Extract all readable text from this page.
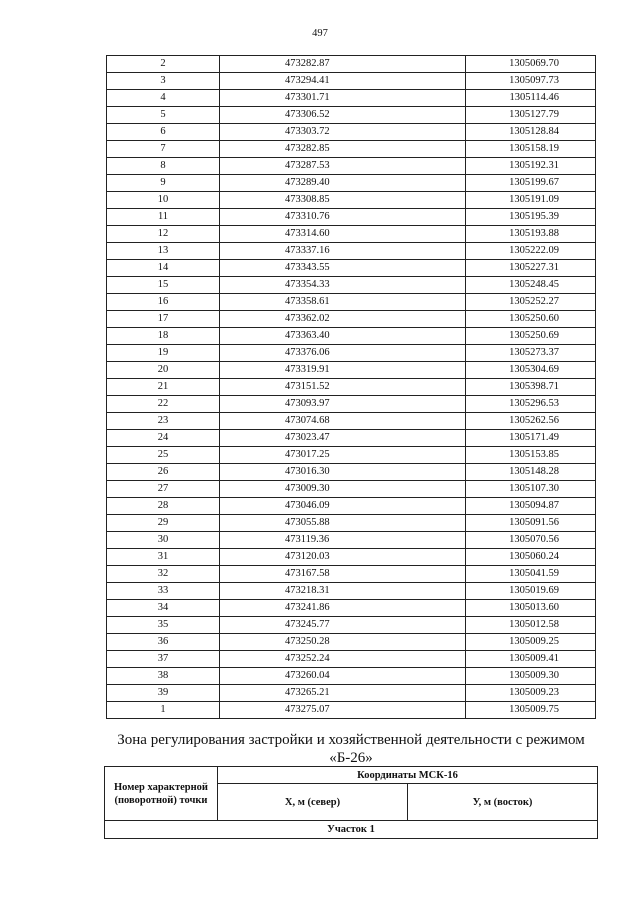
497
2	473282.87	1305069.70
3	473294.41	1305097.73
4	473301.71	1305114.46
5	473306.52	1305127.79
6	473303.72	1305128.84
7	473282.85	1305158.19
8	473287.53	1305192.31
9	473289.40	1305199.67
10	473308.85	1305191.09
11	473310.76	1305195.39
12	473314.60	1305193.88
13	473337.16	1305222.09
14	473343.55	1305227.31
15	473354.33	1305248.45
16	473358.61	1305252.27
17	473362.02	1305250.60
18	473363.40	1305250.69
19	473376.06	1305273.37
20	473319.91	1305304.69
21	473151.52	1305398.71
22	473093.97	1305296.53
23	473074.68	1305262.56
24	473023.47	1305171.49
25	473017.25	1305153.85
26	473016.30	1305148.28
27	473009.30	1305107.30
28	473046.09	1305094.87
29	473055.88	1305091.56
30	473119.36	1305070.56
31	473120.03	1305060.24
32	473167.58	1305041.59
33	473218.31	1305019.69
34	473241.86	1305013.60
35	473245.77	1305012.58
36	473250.28	1305009.25
37	473252.24	1305009.41
38	473260.04	1305009.30
39	473265.21	1305009.23
1	473275.07	1305009.75
Зона регулирования застройки и хозяйственной деятельности с режимом «Б-26»
Номер характерной (поворотной) точки	Координаты МСК-16	
	X, м (север)	У, м (восток)
Участок 1		
